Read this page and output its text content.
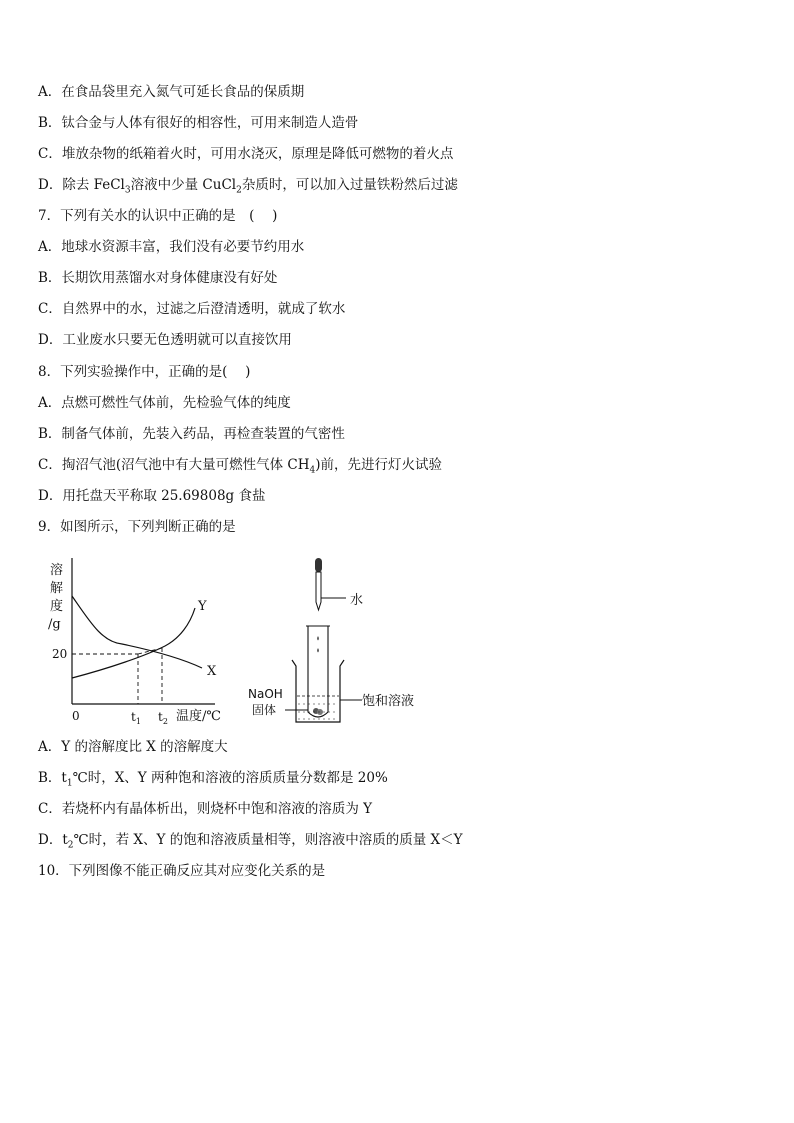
A．在食品袋里充入氮气可延长食品的保质期
B．钛合金与人体有很好的相容性，可用来制造人造骨
C．堆放杂物的纸箱着火时，可用水浇灭，原理是降低可燃物的着火点
D．除去 FeCl$_3$溶液中少量 CuCl$_2$杂质时，可以加入过量铁粉然后过滤
7．下列有关水的认识中正确的是　(　 )
A．地球水资源丰富，我们没有必要节约用水
B．长期饮用蒸馏水对身体健康没有好处
C．自然界中的水，过滤之后澄清透明，就成了软水
D．工业废水只要无色透明就可以直接饮用
8．下列实验操作中，正确的是(　 )
A．点燃可燃性气体前，先检验气体的纯度
B．制备气体前，先装入药品，再检查装置的气密性
C．掏沼气池(沼气池中有大量可燃性气体 $CH_4$)前，先进行灯火试验
D．用托盘天平称取 25.69808g 食盐
9．如图所示，下列判断正确的是
溶
解
度
/g
20
0	$t_1$ $t_2$ 温度/℃
Y
X
水
NaOH
固体
饱和溶液
A．Y 的溶解度比 X 的溶解度大
B．$t_1℃$时，X、Y 两种饱和溶液的溶质质量分数都是 20%
C．若烧杯内有晶体析出，则烧杯中饱和溶液的溶质为 Y
D．$t_2℃$时，若 X、Y 的饱和溶液质量相等，则溶液中溶质的质量 X＜Y
10．下列图像不能正确反应其对应变化关系的是
